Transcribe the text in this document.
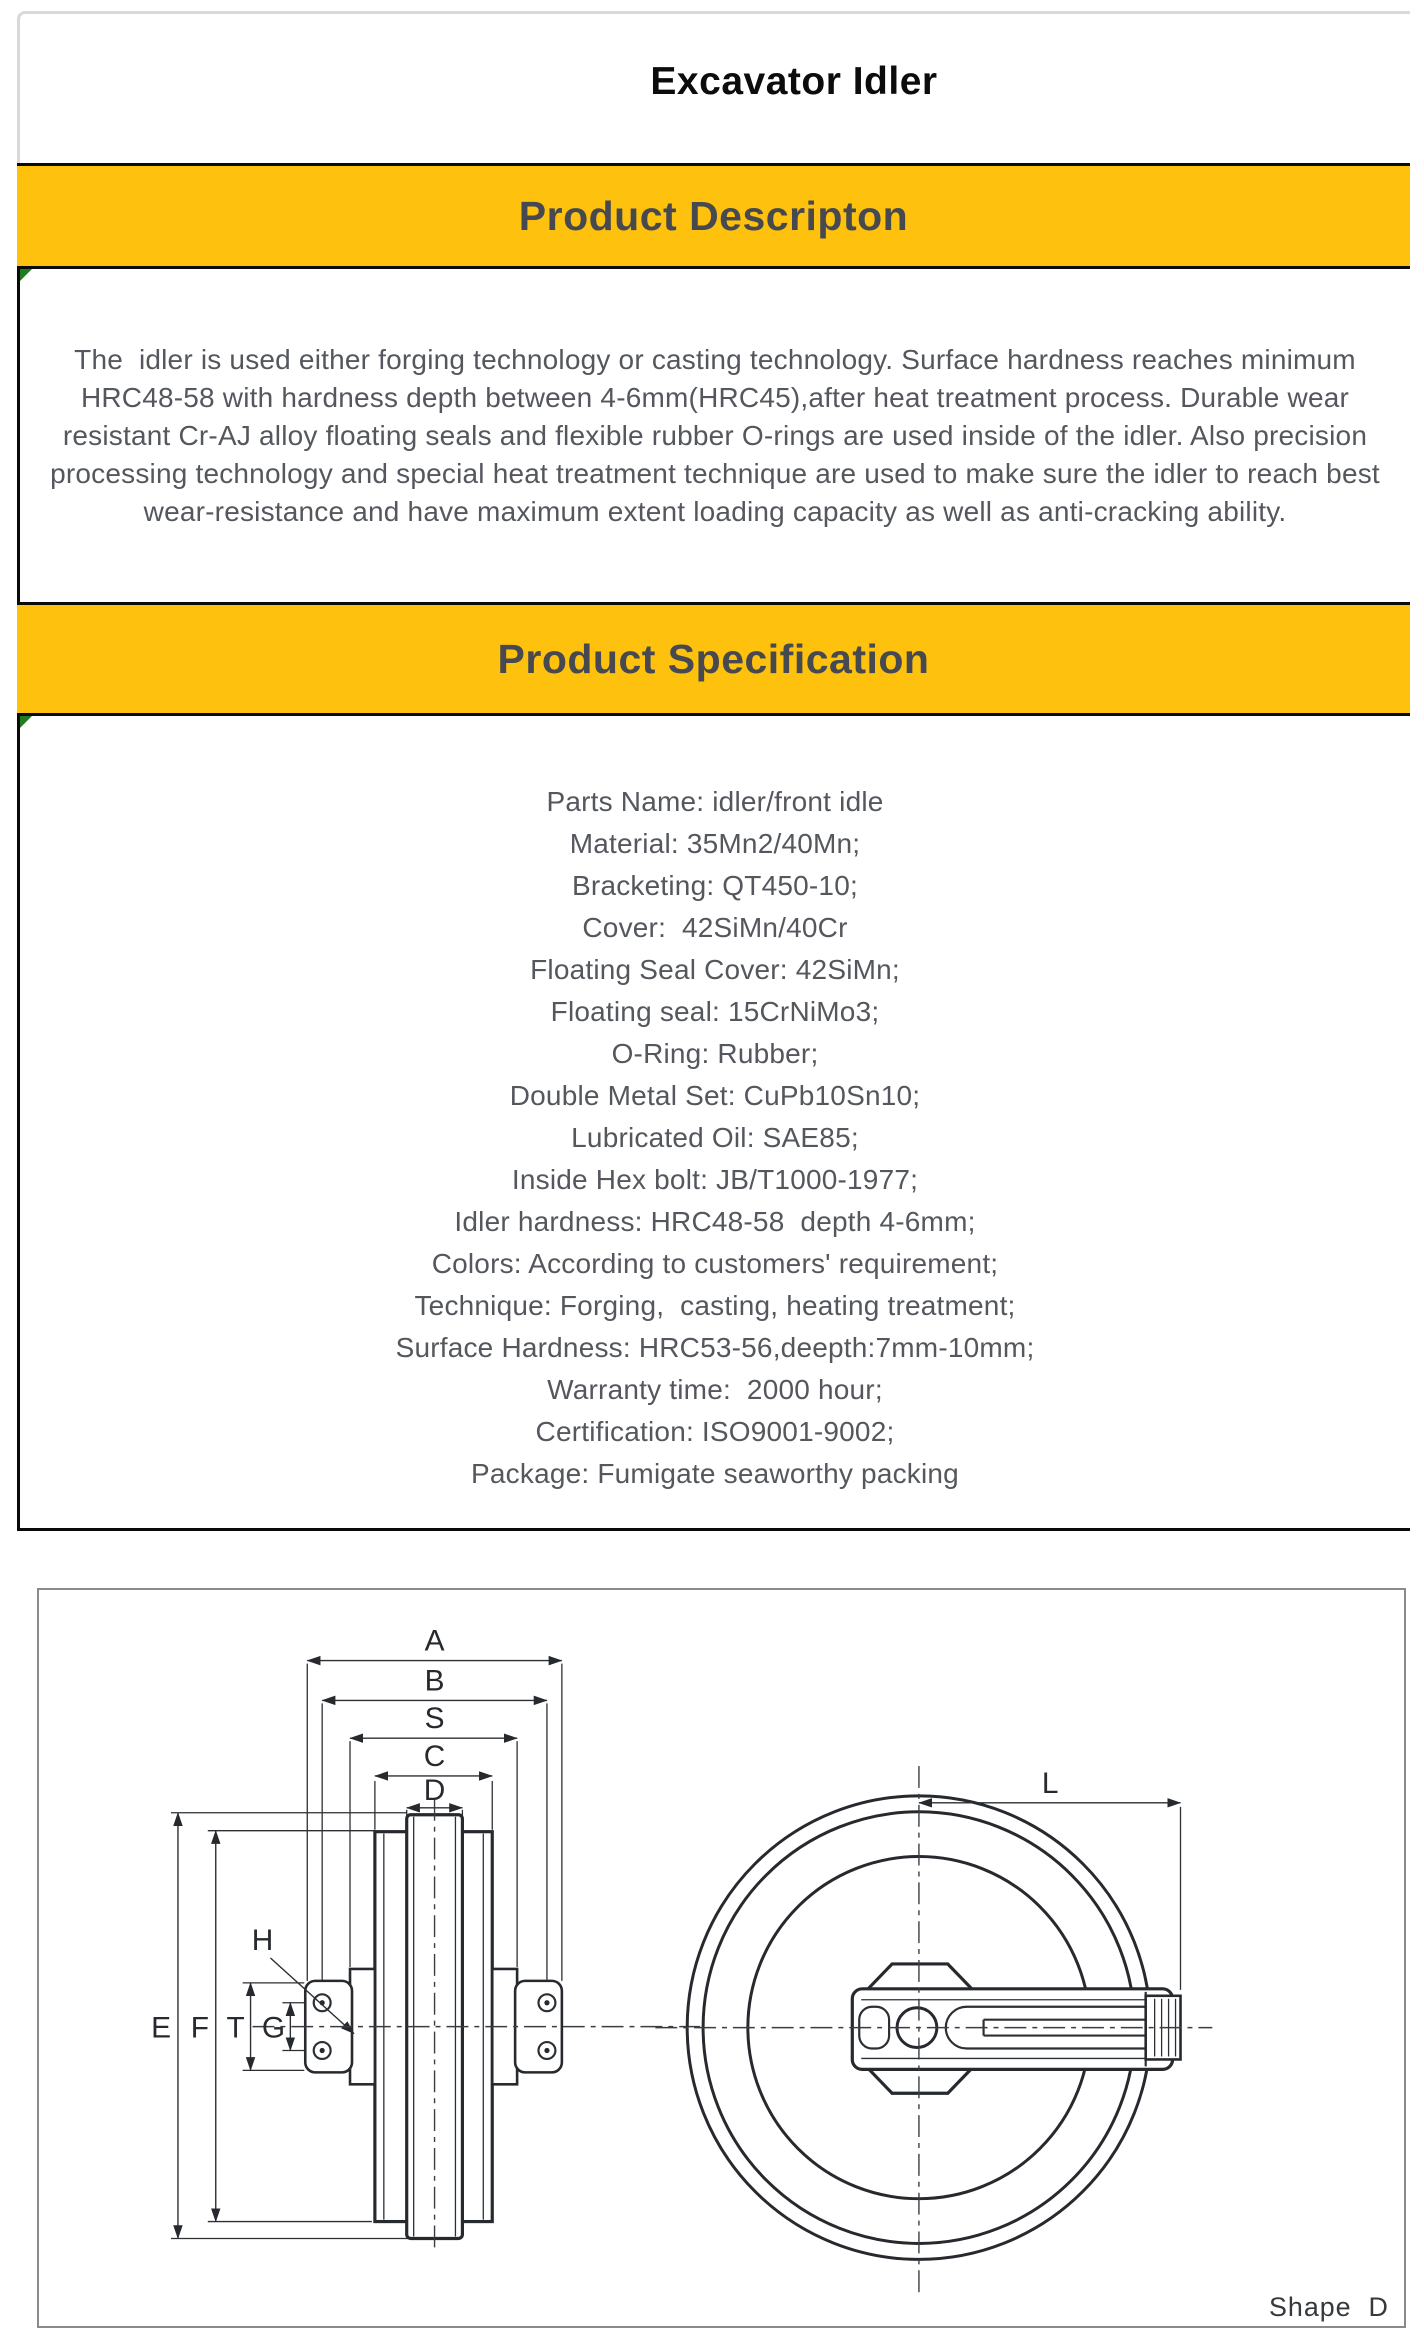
Excavator Idler
Product Descripton
The  idler is used either forging technology or casting technology. Surface hardness reaches minimum
HRC48-58 with hardness depth between 4-6mm(HRC45),after heat treatment process. Durable wear
resistant Cr-AJ alloy floating seals and flexible rubber O-rings are used inside of the idler. Also precision
processing technology and special heat treatment technique are used to make sure the idler to reach best
wear-resistance and have maximum extent loading capacity as well as anti-cracking ability.
Product Specification
Parts Name: idler/front idle
Material: 35Mn2/40Mn;
Bracketing: QT450-10;
Cover:  42SiMn/40Cr
Floating Seal Cover: 42SiMn;
Floating seal: 15CrNiMo3;
O-Ring: Rubber;
Double Metal Set: CuPb10Sn10;
Lubricated Oil: SAE85;
Inside Hex bolt: JB/T1000-1977;
Idler hardness: HRC48-58  depth 4-6mm;
Colors: According to customers' requirement;
Technique: Forging,  casting, heating treatment;
Surface Hardness: HRC53-56,deepth:7mm-10mm;
Warranty time:  2000 hour;
Certification: ISO9001-9002;
Package: Fumigate seaworthy packing
A
B
S
C
D
E F T G
H
L
Shape  D
